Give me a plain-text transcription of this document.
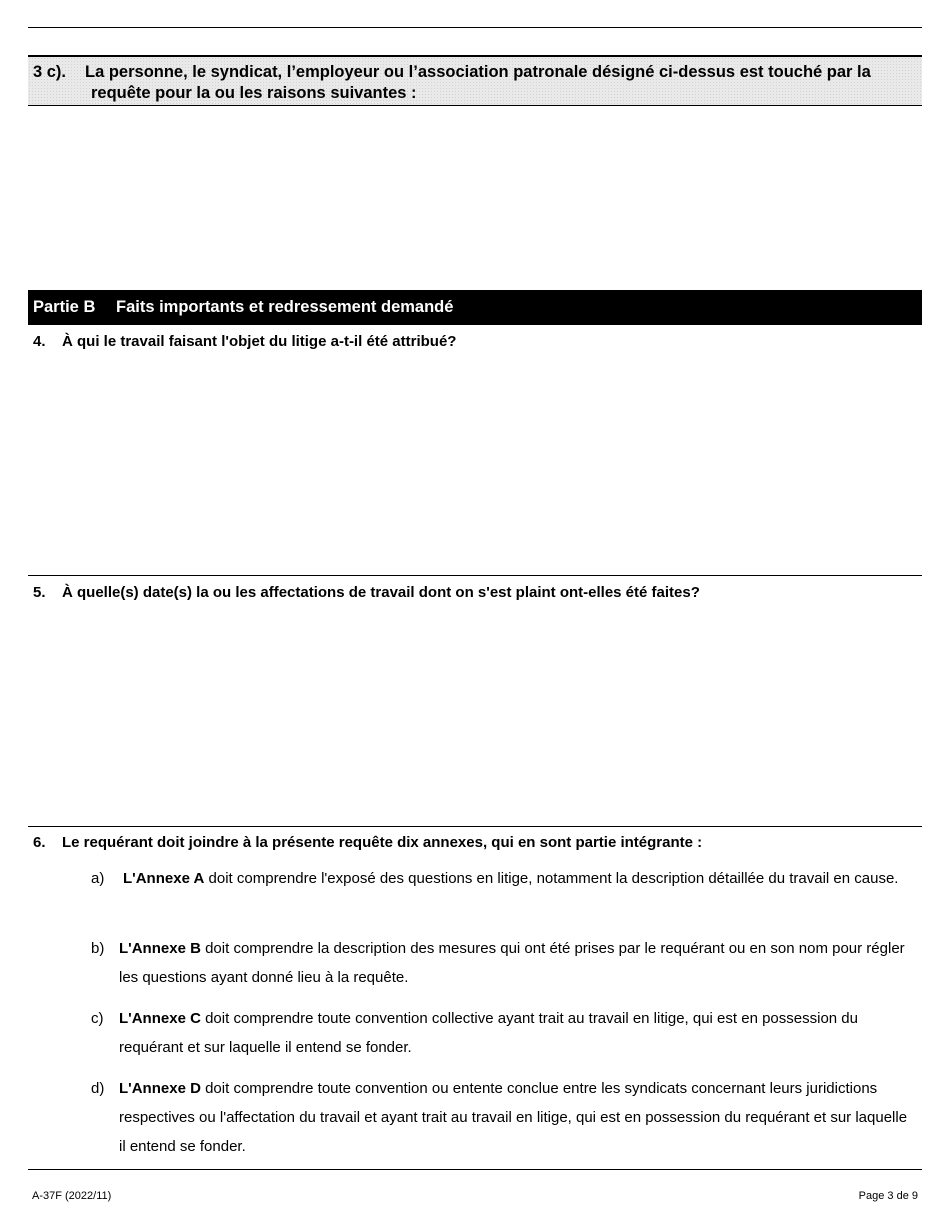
3 c). La personne, le syndicat, l’employeur ou l’association patronale désigné ci-dessus est touché par la
requête pour la ou les raisons suivantes :
Partie B Faits importants et redressement demandé
4. À qui le travail faisant l'objet du litige a-t-il été attribué?
5. À quelle(s) date(s) la ou les affectations de travail dont on s'est plaint ont-elles été faites?
6. Le requérant doit joindre à la présente requête dix annexes, qui en sont partie intégrante :
a)	L'Annexe A doit comprendre l'exposé des questions en litige, notamment la description détaillée du travail en cause.
b) L'Annexe B doit comprendre la description des mesures qui ont été prises par le requérant ou en son nom pour régler les questions ayant donné lieu à la requête.
c)	L'Annexe C doit comprendre toute convention collective ayant trait au travail en litige, qui est en possession du requérant et sur laquelle il entend se fonder.
d) L'Annexe D doit comprendre toute convention ou entente conclue entre les syndicats concernant leurs juridictions respectives ou l'affectation du travail et ayant trait au travail en litige, qui est en possession du requérant et sur laquelle il entend se fonder.
A-37F (2022/11)	Page 3 de 9
